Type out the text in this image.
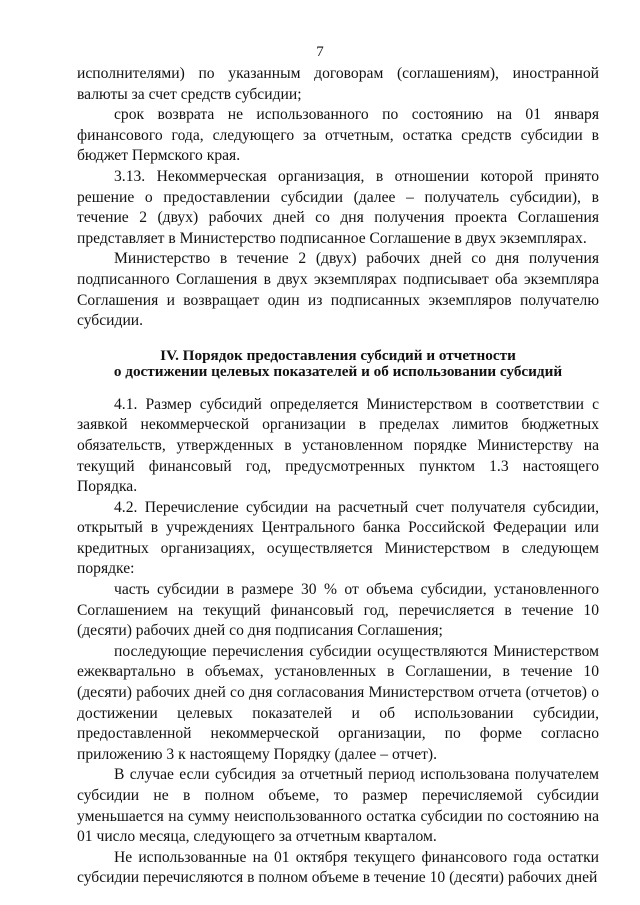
7

исполнителями) по указанным договорам (соглашениям), иностранной валюты за счет средств субсидии;

срок возврата не использованного по состоянию на 01 января финансового года, следующего за отчетным, остатка средств субсидии в бюджет Пермского края.

3.13. Некоммерческая организация, в отношении которой принято решение о предоставлении субсидии (далее – получатель субсидии), в течение 2 (двух) рабочих дней со дня получения проекта Соглашения представляет в Министерство подписанное Соглашение в двух экземплярах.

Министерство в течение 2 (двух) рабочих дней со дня получения подписанного Соглашения в двух экземплярах подписывает оба экземпляра Соглашения и возвращает один из подписанных экземпляров получателю субсидии.

IV. Порядок предоставления субсидий и отчетности
о достижении целевых показателей и об использовании субсидий

4.1. Размер субсидий определяется Министерством в соответствии с заявкой некоммерческой организации в пределах лимитов бюджетных обязательств, утвержденных в установленном порядке Министерству на текущий финансовый год, предусмотренных пунктом 1.3 настоящего Порядка.

4.2. Перечисление субсидии на расчетный счет получателя субсидии, открытый в учреждениях Центрального банка Российской Федерации или кредитных организациях, осуществляется Министерством в следующем порядке:

часть субсидии в размере 30 % от объема субсидии, установленного Соглашением на текущий финансовый год, перечисляется в течение 10 (десяти) рабочих дней со дня подписания Соглашения;

последующие перечисления субсидии осуществляются Министерством ежеквартально в объемах, установленных в Соглашении, в течение 10 (десяти) рабочих дней со дня согласования Министерством отчета (отчетов) о достижении целевых показателей и об использовании субсидии, предоставленной некоммерческой организации, по форме согласно приложению 3 к настоящему Порядку (далее – отчет).

В случае если субсидия за отчетный период использована получателем субсидии не в полном объеме, то размер перечисляемой субсидии уменьшается на сумму неиспользованного остатка субсидии по состоянию на 01 число месяца, следующего за отчетным кварталом.

Не использованные на 01 октября текущего финансового года остатки субсидии перечисляются в полном объеме в течение 10 (десяти) рабочих дней
